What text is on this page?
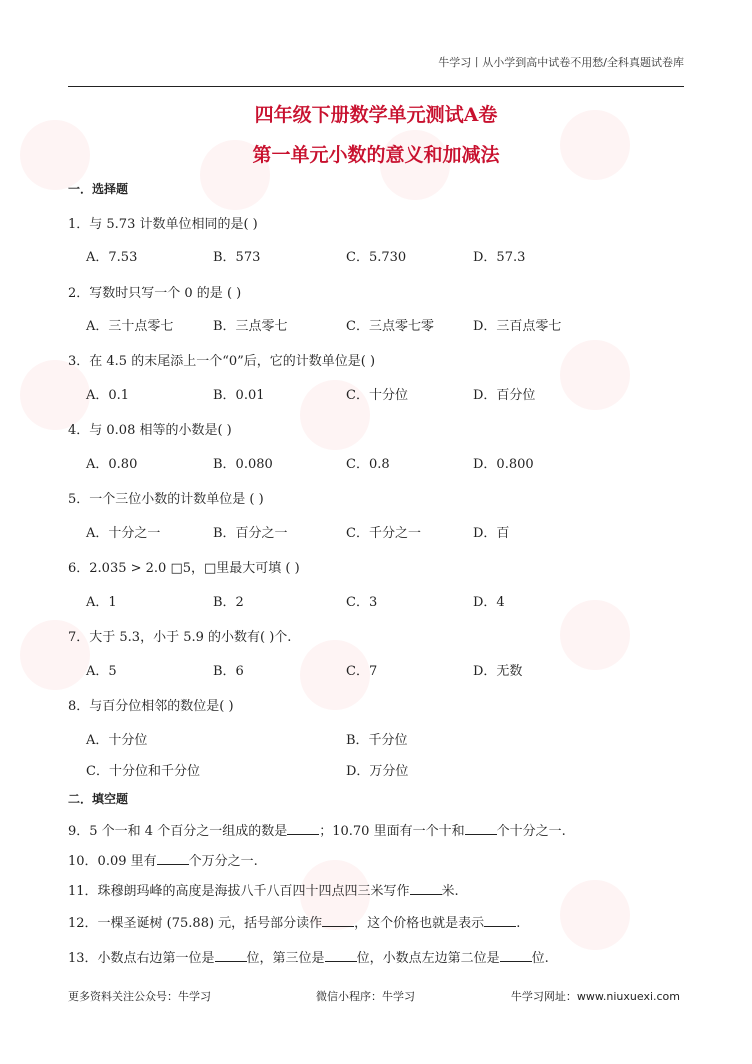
牛学习丨从小学到高中试卷不用愁/全科真题试卷库
四年级下册数学单元测试A卷
第一单元小数的意义和加减法
一．选择题
1．与 5.73 计数单位相同的是( )
A．7.53	B．573	C．5.730	D．57.3
2．写数时只写一个 0 的是 ( )
A．三十点零七	B．三点零七	C．三点零七零	D．三百点零七
3．在 4.5 的末尾添上一个“0”后，它的计数单位是( )
A．0.1	B．0.01	C．十分位	D．百分位
4．与 0.08 相等的小数是( )
A．0.80	B．0.080	C．0.8	D．0.800
5．一个三位小数的计数单位是 ( )
A．十分之一	B．百分之一	C．千分之一	D．百
6．2.035 > 2.0 □5，□里最大可填 ( )
A．1	B．2	C．3	D．4
7．大于 5.3，小于 5.9 的小数有( )个.
A．5	B．6	C．7	D．无数
8．与百分位相邻的数位是( )
A．十分位	B．千分位
C．十分位和千分位	D．万分位
二．填空题
9．5 个一和 4 个百分之一组成的数是 ；10.70 里面有一个十和 个十分之一.
10．0.09 里有 个万分之一.
11．珠穆朗玛峰的高度是海拔八千八百四十四点四三米写作 米.
12．一棵圣诞树 (75.88) 元，括号部分读作 ，这个价格也就是表示 .
13．小数点右边第一位是 位，第三位是 位，小数点左边第二位是 位.
更多资料关注公众号：牛学习	微信小程序：牛学习	牛学习网址：www.niuxuexi.com
